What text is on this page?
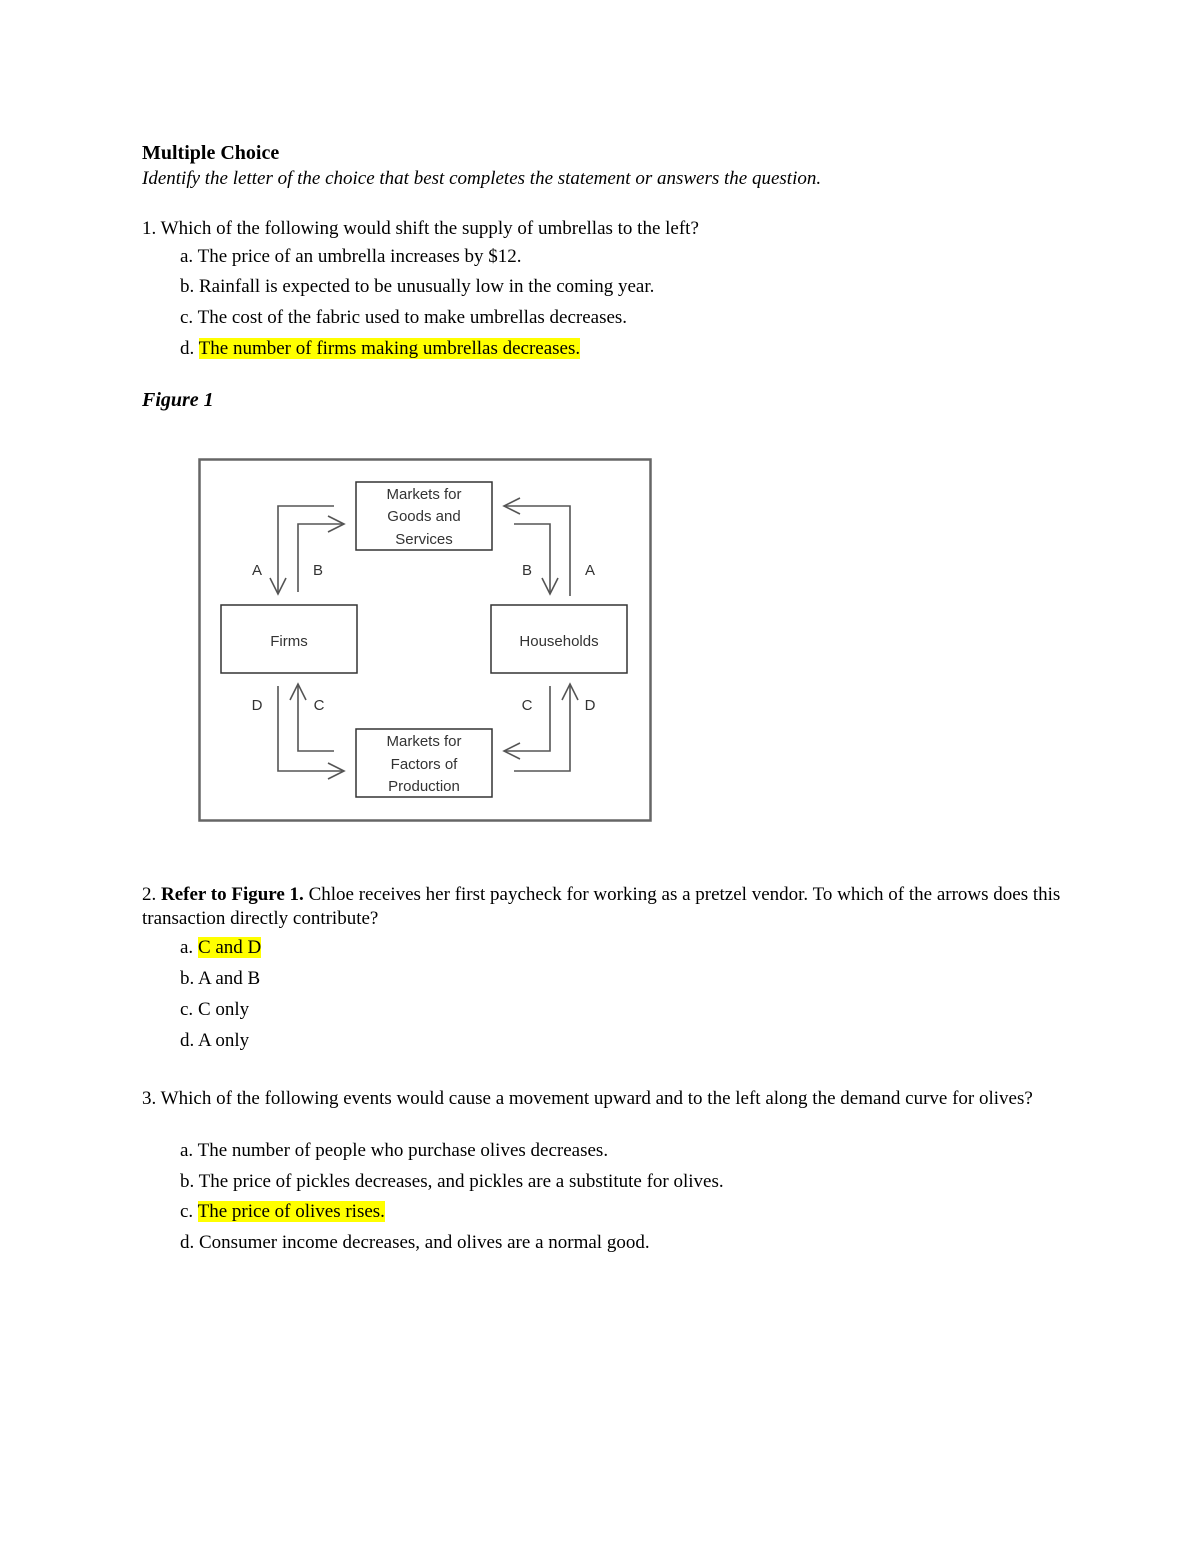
Multiple Choice
Identify the letter of the choice that best completes the statement or answers the question.
1. Which of the following would shift the supply of umbrellas to the left?
a. The price of an umbrella increases by $12.
b. Rainfall is expected to be unusually low in the coming year.
c. The cost of the fabric used to make umbrellas decreases.
d. The number of firms making umbrellas decreases.
Figure 1
Markets for
Goods and
Services
Firms	Households
Markets for
Factors of
Production
A	B	B	A
D	C	C	D
2. Refer to Figure 1. Chloe receives her first paycheck for working as a pretzel vendor. To which of the arrows does this transaction directly contribute?
a. C and D
b. A and B
c. C only
d. A only
3. Which of the following events would cause a movement upward and to the left along the demand curve for olives?
a. The number of people who purchase olives decreases.
b. The price of pickles decreases, and pickles are a substitute for olives.
c. The price of olives rises.
d. Consumer income decreases, and olives are a normal good.
